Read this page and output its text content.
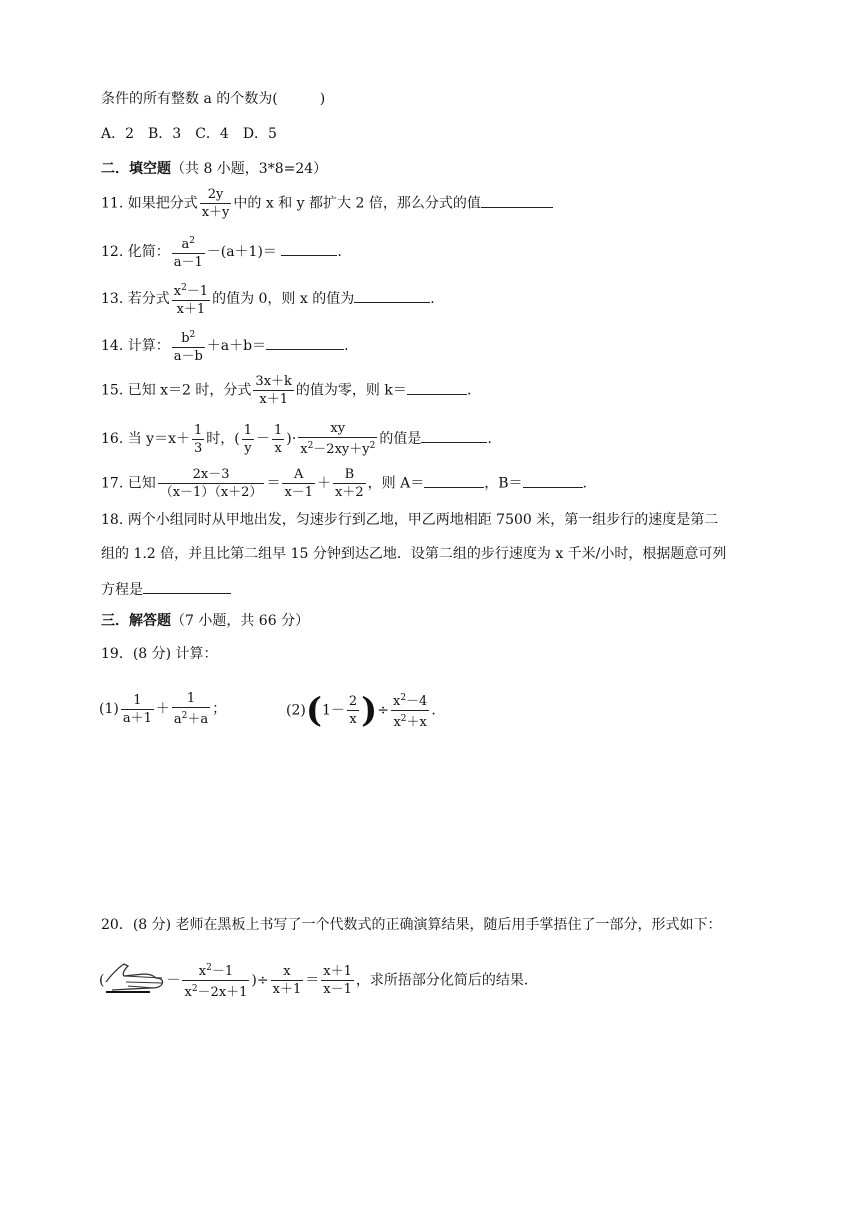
条件的所有整数 a 的个数为(　　　)
A．2　B．3　C．4　D．5
二．填空题（共 8 小题，3*8=24）
11. 如果把分式 $\frac{2y}{x+y}$ 中的 x 和 y 都扩大 2 倍，那么分式的值
12. 化简： $\frac{a^2}{a-1} -(a+1)=$	.
13. 若分式 $\frac{x^2-1}{x+1}$ 的值为 0，则 x 的值为	.
14. 计算： $\frac{b^2}{a-b} +a+b=$	.
15. 已知 x＝2 时，分式 $\frac{3x+k}{x+1}$ 的值为零，则 k＝	.
16. 当 $y=x+ \frac{1}{3}$ 时，( $\frac{1}{y} - \frac{1}{x}$ )· $\frac{xy}{x^2-2xy+y^2}$ 的值是	.
17. 已知 $\frac{2x-3}{(x-1)(x+2)} = \frac{A}{x-1} + \frac{B}{x+2}$ ，则 A＝	，B＝	.
18. 两个小组同时从甲地出发，匀速步行到乙地，甲乙两地相距 7500 米，第一组步行的速度是第二
组的 1.2 倍，并且比第二组早 15 分钟到达乙地．设第二组的步行速度为 x 千米/小时，根据题意可列
方程是
三．解答题（7 小题，共 66 分）
19．(8 分) 计算：
$(1) \frac{1}{a+1} + \frac{1}{a^2+a}$ ；	$(2)(1- \frac{2}{x}$ )÷ $\frac{x^2-4}{x^2+x}$ .
20．(8 分) 老师在黑板上书写了一个代数式的正确演算结果，随后用手掌捂住了一部分，形式如下：
(	－ $\frac{x^2-1}{x^2-2x+1}$ )÷ $\frac{x}{x+1} = \frac{x+1}{x-1}$ ，求所捂部分化简后的结果．
